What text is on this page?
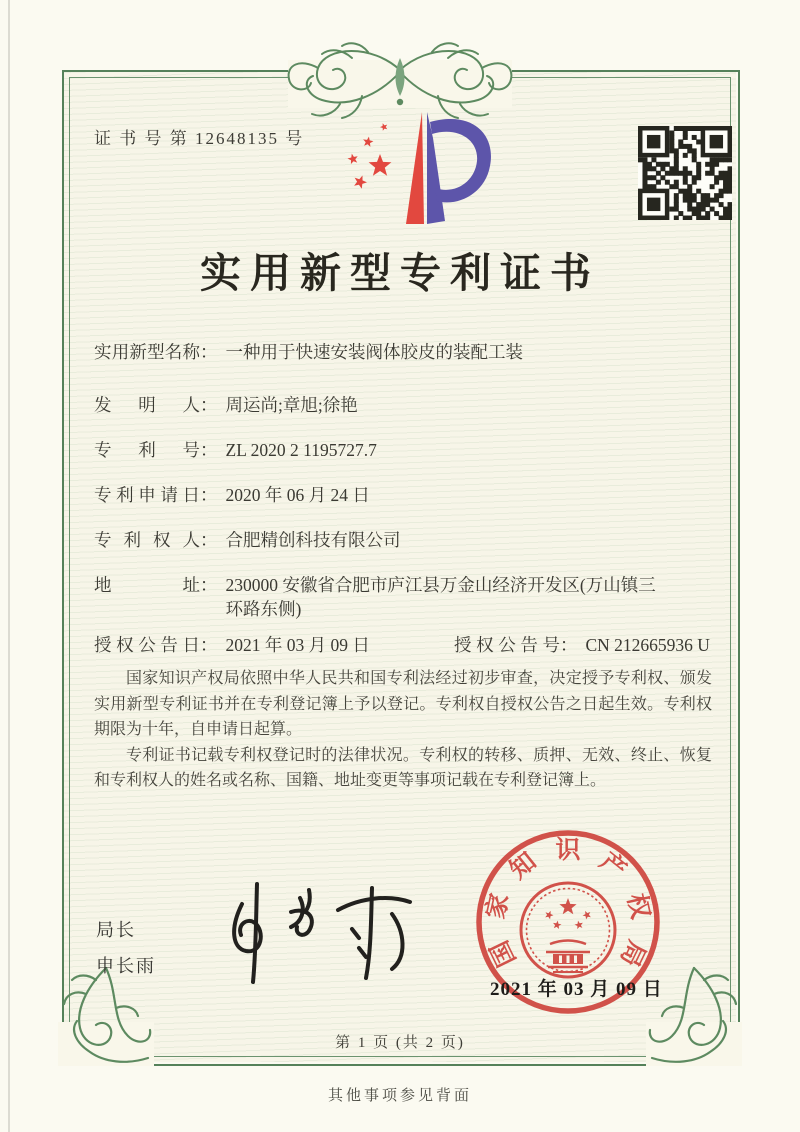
证 书 号 第 12648135 号
实用新型专利证书
实用新型名称 ： 一种用于快速安装阀体胶皮的装配工装
发明人 ： 周运尚;章旭;徐艳
专利号 ： ZL 2020 2 1195727.7
专利申请日 ： 2020 年 06 月 24 日
专利权人 ： 合肥精创科技有限公司
地址 ： 230000 安徽省合肥市庐江县万金山经济开发区(万山镇三环路东侧)
授权公告日 ： 2021 年 03 月 09 日	授权公告号 ： CN 212665936 U

国家知识产权局依照中华人民共和国专利法经过初步审查，决定授予专利权、颁发实用新型专利证书并在专利登记簿上予以登记。专利权自授权公告之日起生效。专利权期限为十年，自申请日起算。

专利证书记载专利权登记时的法律状况。专利权的转移、质押、无效、终止、恢复和专利权人的姓名或名称、国籍、地址变更等事项记载在专利登记簿上。

局长
申长雨	国
家
知 识 产
权
局
2021 年 03 月 09 日
第 1 页 (共 2 页)
其他事项参见背面
